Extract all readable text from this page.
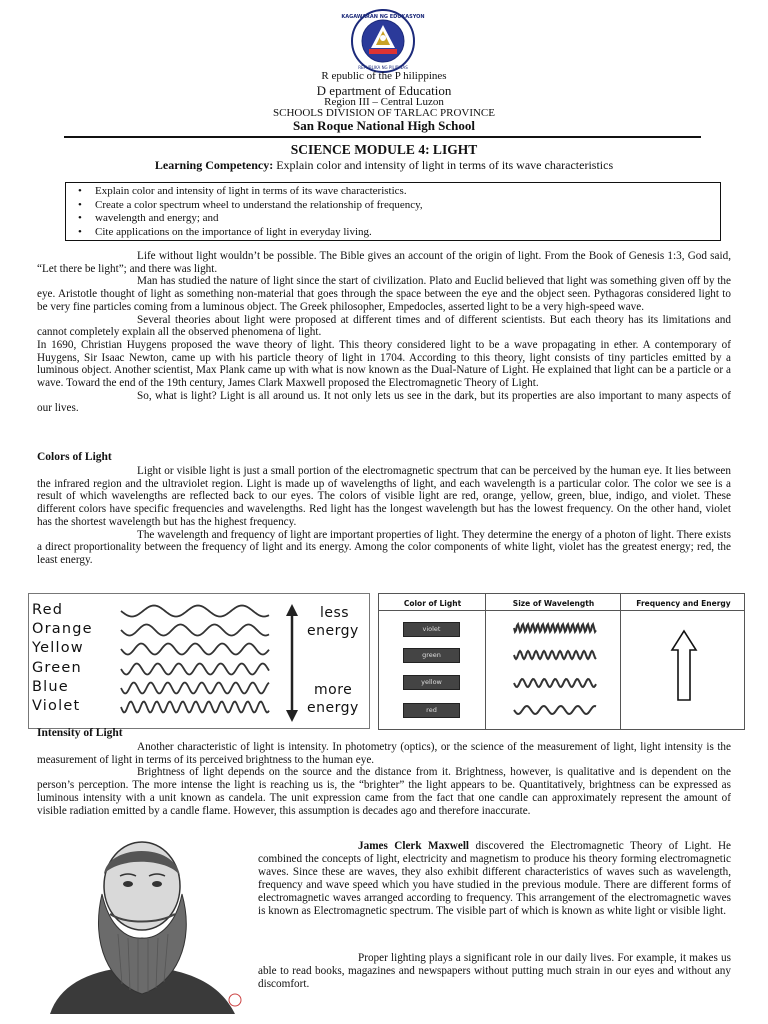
KAGAWARAN NG EDUKASYON
REPUBLIKA NG PILIPINAS
R epublic of the P hilippines
D epartment of Education
Region III – Central Luzon
SCHOOLS DIVISION OF TARLAC PROVINCE
San Roque National High School
SCIENCE MODULE 4: LIGHT
Learning Competency: Explain color and intensity of light in terms of its wave characteristics
• Explain color and intensity of light in terms of its wave characteristics.
• Create a color spectrum wheel to understand the relationship of frequency,
• wavelength and energy; and
• Cite applications on the importance of light in everyday living.

Life without light wouldn’t be possible. The Bible gives an account of the origin of light. From the Book of Genesis 1:3, God said, “Let there be light”; and there was light.

Man has studied the nature of light since the start of civilization. Plato and Euclid believed that light was something given off by the eye. Aristotle thought of light as something non-material that goes through the space between the eye and the object seen. Pythagoras considered light to be very fine particles coming from a luminous object. The Greek philosopher, Empedocles, asserted light to be a very high-speed wave.

Several theories about light were proposed at different times and of different scientists. But each theory has its limitations and cannot completely explain all the observed phenomena of light.

In 1690, Christian Huygens proposed the wave theory of light. This theory considered light to be a wave propagating in ether. A contemporary of Huygens, Sir Isaac Newton, came up with his particle theory of light in 1704. According to this theory, light consists of tiny particles emitted by a luminous object. Another scientist, Max Plank came up with what is now known as the Dual-Nature of Light. He explained that light can be a particle or a wave. Toward the end of the 19th century, James Clark Maxwell proposed the Electromagnetic Theory of Light.

So, what is light? Light is all around us. It not only lets us see in the dark, but its properties are also important to many aspects of our lives.

Colors of Light

Light or visible light is just a small portion of the electromagnetic spectrum that can be perceived by the human eye. It lies between the infrared region and the ultraviolet region. Light is made up of wavelengths of light, and each wavelength is a particular color. The color we see is a result of which wavelengths are reflected back to our eyes. The colors of visible light are red, orange, yellow, green, blue, indigo, and violet. These different colors have specific frequencies and wavelengths. Red light has the longest wavelength but has the lowest frequency. On the other hand, violet has the shortest wavelength but has the highest frequency.

The wavelength and frequency of light are important properties of light. They determine the energy of a photon of light. There exists a direct proportionality between the frequency of light and its energy. Among the color components of white light, violet has the greatest energy; red, the least energy.

Red
Orange
Yellow
Green
Blue
Violet
less
energy
more
energy
Color of Light
violet
green
yellow
red
Size of Wavelength	Frequency and Energy
Intensity of Light

Another characteristic of light is intensity. In photometry (optics), or the science of the measurement of light, light intensity is the measurement of light in terms of its perceived brightness to the human eye.

Brightness of light depends on the source and the distance from it. Brightness, however, is qualitative and is dependent on the person’s perception. The more intense the light is reaching us is, the “brighter” the light appears to be. Quantitatively, brightness can be expressed as luminous intensity with a unit known as candela. The unit expression came from the fact that one candle can approximately represent the amount of visible radiation emitted by a candle flame. However, this assumption is decades ago and therefore inaccurate.

James Clerk Maxwell discovered the Electromagnetic Theory of Light. He combined the concepts of light, electricity and magnetism to produce his theory forming electromagnetic waves. Since these are waves, they also exhibit different characteristics of waves such as wavelength, frequency and wave speed which you have studied in the previous module. There are different forms of electromagnetic waves arranged according to frequency. This arrangement of the electromagnetic waves is known as Electromagnetic spectrum. The visible part of which is known as white light or visible light.

Proper lighting plays a significant role in our daily lives. For example, it makes us able to read books, magazines and newspapers without putting much strain in our eyes and without any discomfort.
